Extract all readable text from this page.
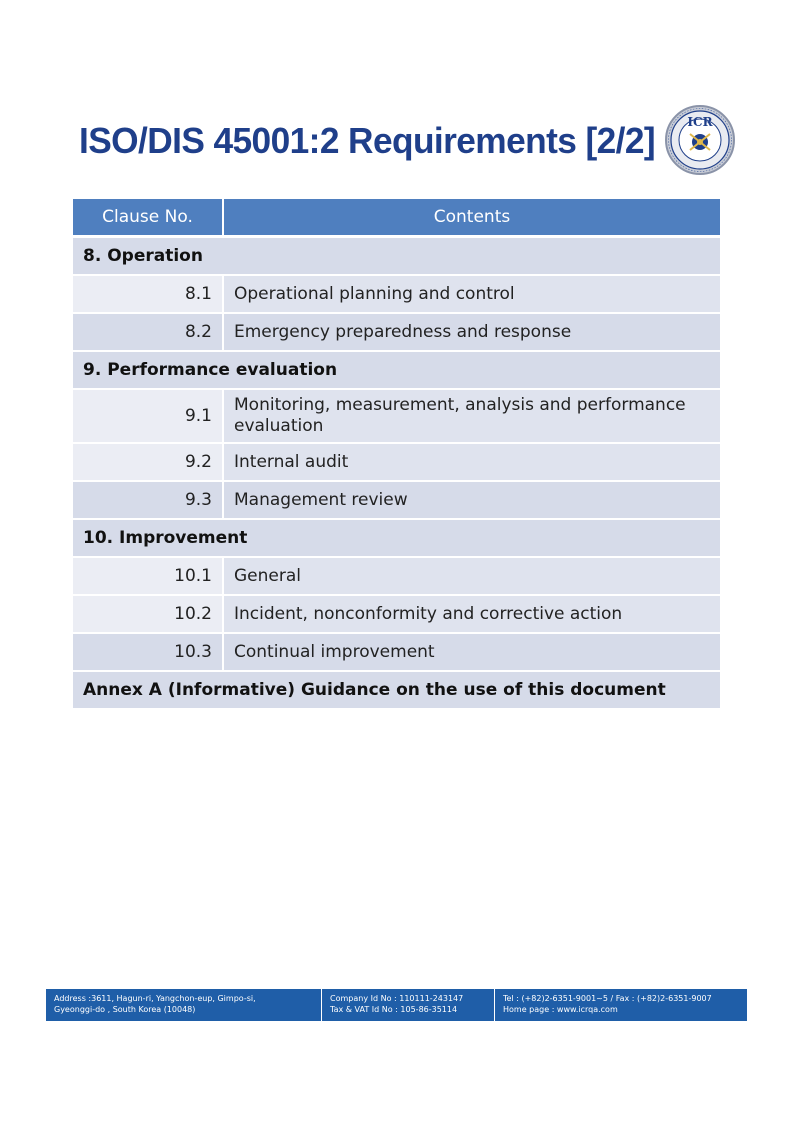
ISO/DIS 45001:2 Requirements [2/2]	ICR
Clause No.	Contents
8. Operation	
8.1	Operational planning and control
8.2	Emergency preparedness and response
9. Performance evaluation	
9.1	Monitoring, measurement, analysis and performance evaluation
9.2	Internal audit
9.3	Management review
10. Improvement	
10.1	General
10.2	Incident, nonconformity and corrective action
10.3	Continual improvement
Annex A (Informative) Guidance on the use of this document	
Address :3611, Hagun-ri, Yangchon-eup, Gimpo-si,
Gyeonggi-do , South Korea (10048)
Company Id No : 110111-243147
Tax & VAT Id No : 105-86-35114
Tel : (+82)2-6351-9001~5 / Fax : (+82)2-6351-9007
Home page : www.icrqa.com
